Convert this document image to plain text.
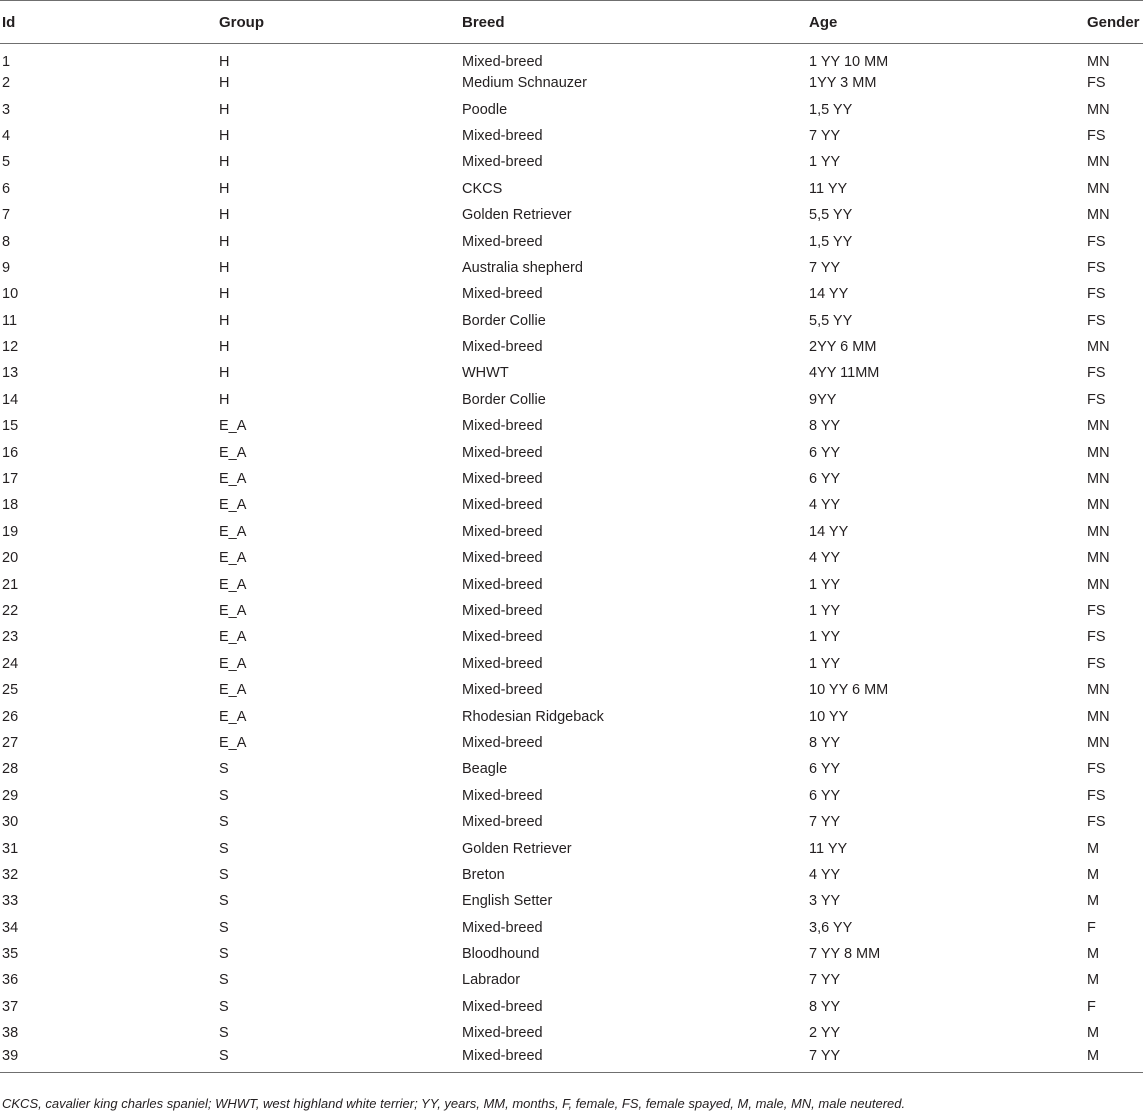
Id	Group	Breed	Age	Gender
1	H	Mixed-breed	1 YY 10 MM	MN
2	H	Medium Schnauzer	1YY 3 MM	FS
3	H	Poodle	1,5 YY	MN
4	H	Mixed-breed	7 YY	FS
5	H	Mixed-breed	1 YY	MN
6	H	CKCS	11 YY	MN
7	H	Golden Retriever	5,5 YY	MN
8	H	Mixed-breed	1,5 YY	FS
9	H	Australia shepherd	7 YY	FS
10	H	Mixed-breed	14 YY	FS
11	H	Border Collie	5,5 YY	FS
12	H	Mixed-breed	2YY 6 MM	MN
13	H	WHWT	4YY 11MM	FS
14	H	Border Collie	9YY	FS
15	E_A	Mixed-breed	8 YY	MN
16	E_A	Mixed-breed	6 YY	MN
17	E_A	Mixed-breed	6 YY	MN
18	E_A	Mixed-breed	4 YY	MN
19	E_A	Mixed-breed	14 YY	MN
20	E_A	Mixed-breed	4 YY	MN
21	E_A	Mixed-breed	1 YY	MN
22	E_A	Mixed-breed	1 YY	FS
23	E_A	Mixed-breed	1 YY	FS
24	E_A	Mixed-breed	1 YY	FS
25	E_A	Mixed-breed	10 YY 6 MM	MN
26	E_A	Rhodesian Ridgeback	10 YY	MN
27	E_A	Mixed-breed	8 YY	MN
28	S	Beagle	6 YY	FS
29	S	Mixed-breed	6 YY	FS
30	S	Mixed-breed	7 YY	FS
31	S	Golden Retriever	11 YY	M
32	S	Breton	4 YY	M
33	S	English Setter	3 YY	M
34	S	Mixed-breed	3,6 YY	F
35	S	Bloodhound	7 YY 8 MM	M
36	S	Labrador	7 YY	M
37	S	Mixed-breed	8 YY	F
38	S	Mixed-breed	2 YY	M
39	S	Mixed-breed	7 YY	M
CKCS, cavalier king charles spaniel; WHWT, west highland white terrier; YY, years, MM, months, F, female, FS, female spayed, M, male, MN, male neutered.
